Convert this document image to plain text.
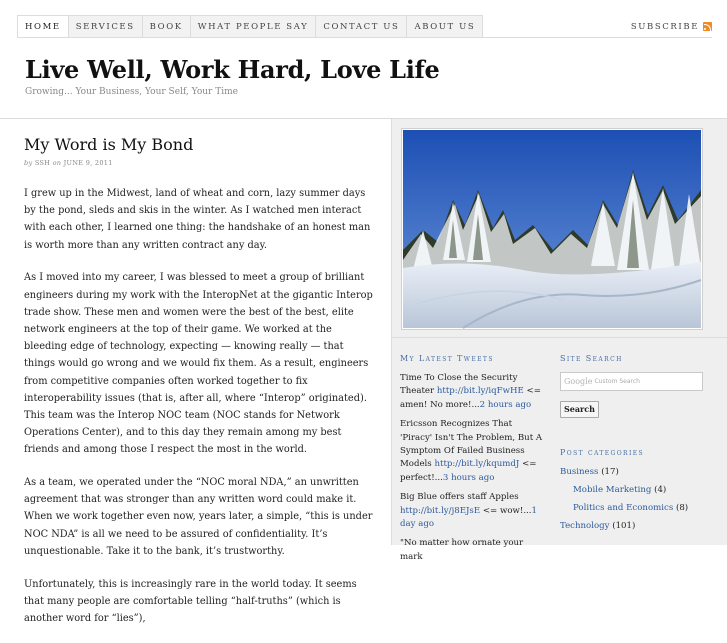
HOME	SERVICES	BOOK	WHAT PEOPLE SAY	CONTACT US	ABOUT US	SUBSCRIBE
Live Well, Work Hard, Love Life
Growing... Your Business, Your Self, Your Time
My Word is My Bond
by SSH on JUNE 9, 2011

I grew up in the Midwest, land of wheat and corn, lazy summer days by the pond, sleds and skis in the winter. As I watched men interact with each other, I learned one thing: the handshake of an honest man is worth more than any written contract any day.

As I moved into my career, I was blessed to meet a group of brilliant engineers during my work with the InteropNet at the gigantic Interop trade show. These men and women were the best of the best, elite network engineers at the top of their game. We worked at the bleeding edge of technology, expecting — knowing really — that things would go wrong and we would fix them. As a result, engineers from competitive companies often worked together to fix interoperability issues (that is, after all, where “Interop” originated). This team was the Interop NOC team (NOC stands for Network Operations Center), and to this day they remain among my best friends and among those I respect the most in the world.

As a team, we operated under the “NOC moral NDA,” an unwritten agreement that was stronger than any written word could make it. When we work together even now, years later, a simple, “this is under NOC NDA” is all we need to be assured of confidentiality. It’s unquestionable. Take it to the bank, it’s trustworthy.

Unfortunately, this is increasingly rare in the world today. It seems that many people are comfortable telling “half-truths” (which is another word for “lies”),

My Latest Tweets
Time To Close the Security Theater http://bit.ly/iqFwHE <= amen! No more!...2 hours ago
Ericsson Recognizes That 'Piracy' Isn't The Problem, But A Symptom Of Failed Business Models http://bit.ly/kqumdJ <= perfect!...3 hours ago
Big Blue offers staff Apples http://bit.ly/j8EJsE <= wow!...1 day ago
"No matter how ornate your mark
Site Search
Google Custom Search
Search
Post categories
Business (17)
Mobile Marketing (4)
Politics and Economics (8)
Technology (101)
